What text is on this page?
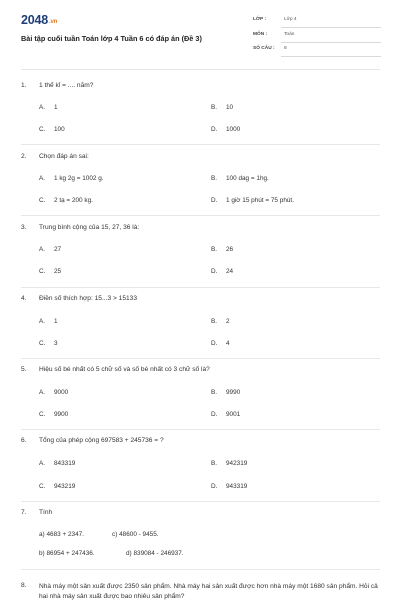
2048.vn
Bài tập cuối tuần Toán lớp 4 Tuần 6 có đáp án (Đề 3)
LỚP :	Lớp 4
MÔN :	Toán
SỐ CÂU : 8
1. 1 thế kỉ = .... năm?
A. 1	B. 10
C. 100	D. 1000
2. Chọn đáp án sai:
A. 1 kg 2g = 1002 g.	B. 100 dag = 1hg.
C. 2 tạ = 200 kg.	D. 1 giờ 15 phút = 75 phút.
3. Trung bình cộng của 15, 27, 36 là:
A. 27	B. 26
C. 25	D. 24
4. Điền số thích hợp: 15...3 > 15133
A. 1	B. 2
C. 3	D. 4
5. Hiệu số bé nhất có 5 chữ số và số bé nhất có 3 chữ số là?
A. 9000	B. 9990
C. 9900	D. 9001
6. Tổng của phép cộng 697583 + 245736 = ?
A. 843319	B. 942319
C. 943219	D. 943319
7. Tính
a) 4683 + 2347.	c) 48600 - 9455.
b) 86954 + 247436.	d) 839084 - 246937.
8. Nhà máy một sản xuất được 2350 sản phẩm. Nhà máy hai sản xuất được hơn nhà máy một 1680 sản phẩm. Hỏi cả hai nhà máy sản xuất được bao nhiêu sản phẩm?
